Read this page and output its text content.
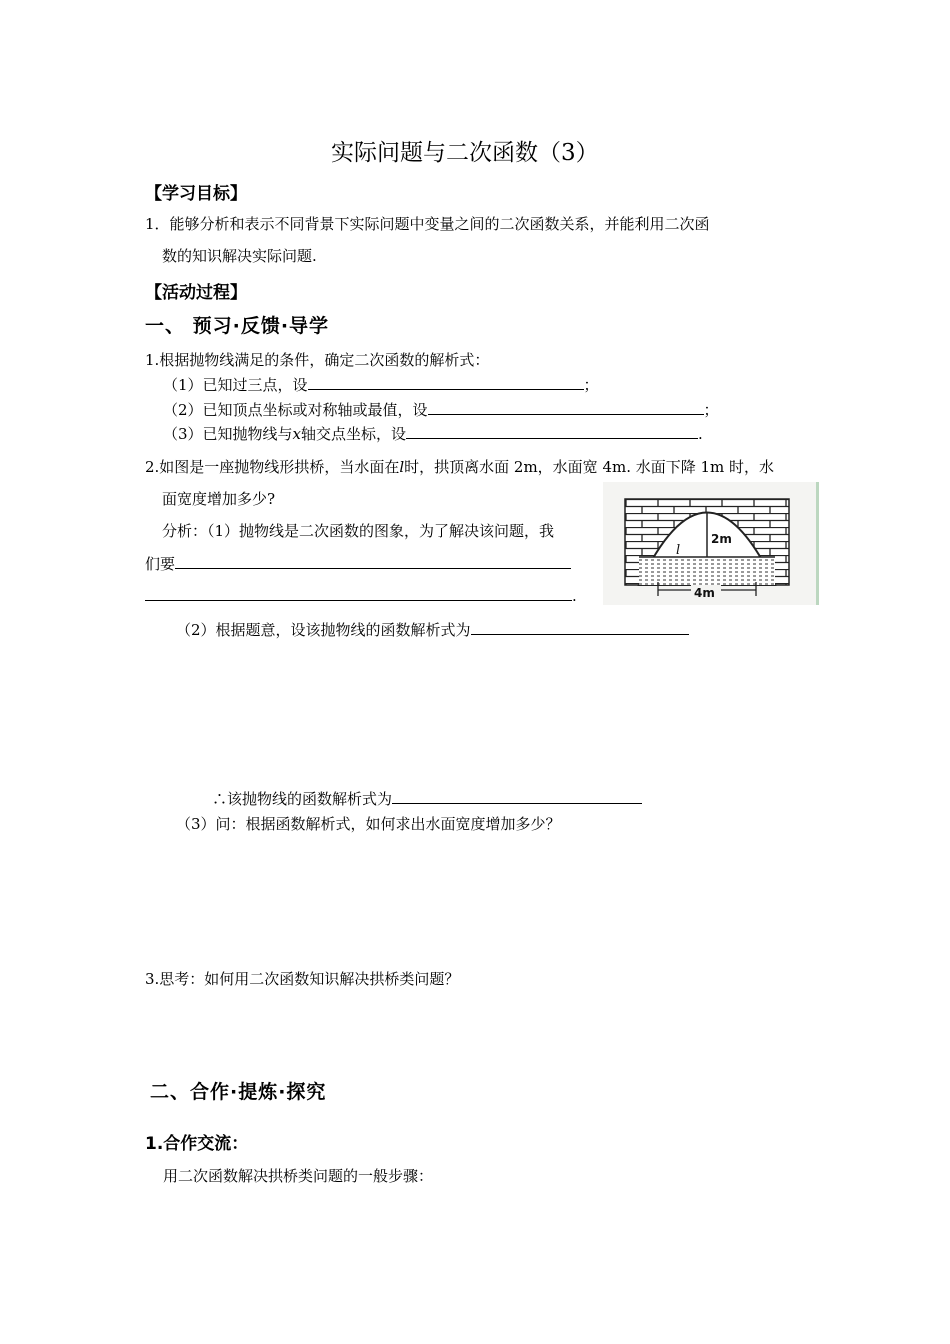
实际问题与二次函数（3）
【学习目标】
1．能够分析和表示不同背景下实际问题中变量之间的二次函数关系，并能利用二次函
数的知识解决实际问题.
【活动过程】
一、 预习·反馈·导学
1.根据抛物线满足的条件，确定二次函数的解析式：
（1）已知过三点，设	；
（2）已知顶点坐标或对称轴或最值，设	；
（3）已知抛物线与x轴交点坐标，设	.
2.如图是一座抛物线形拱桥，当水面在l时，拱顶离水面 2m，水面宽 4m. 水面下降 1m 时，水
面宽度增加多少?
分析：（1）抛物线是二次函数的图象，为了解决该问题，我
们要
.	4m
2m
l
（2）根据题意，设该抛物线的函数解析式为
∴该抛物线的函数解析式为
（3）问：根据函数解析式，如何求出水面宽度增加多少？
3.思考：如何用二次函数知识解决拱桥类问题？
二、合作·提炼·探究
1.合作交流：
用二次函数解决拱桥类问题的一般步骤：
